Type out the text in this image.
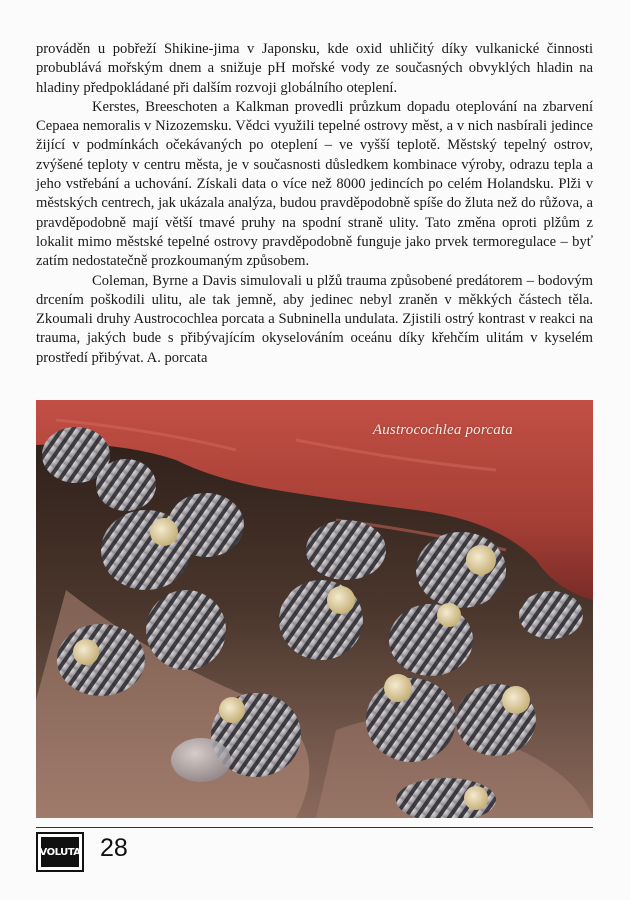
prováděn u pobřeží Shikine-jima v Japonsku, kde oxid uhličitý díky vulkanické činnosti probublává mořským dnem a snižuje pH mořské vody ze současných obvyklých hladin na hladiny předpokládané při dalším rozvoji globálního oteplení.

Kerstes, Breeschoten a Kalkman provedli průzkum dopadu oteplování na zbarvení Cepaea nemoralis v Nizozemsku. Vědci využili tepelné ostrovy měst, a v nich nasbírali jedince žijící v podmínkách očekávaných po oteplení – ve vyšší teplotě. Městský tepelný ostrov, zvýšené teploty v centru města, je v současnosti důsledkem kombinace výroby, odrazu tepla a jeho vstřebání a uchování. Získali data o více než 8000 jedincích po celém Holandsku. Plži v městských centrech, jak ukázala analýza, budou pravděpodobně spíše do žluta než do růžova, a pravděpodobně mají větší tmavé pruhy na spodní straně ulity. Tato změna oproti plžům z lokalit mimo městské tepelné ostrovy pravděpodobně funguje jako prvek termoregulace – byť zatím nedostatečně prozkoumaným způsobem.

Coleman, Byrne a Davis simulovali u plžů trauma způsobené predátorem – bodovým drcením poškodili ulitu, ale tak jemně, aby jedinec nebyl zraněn v měkkých částech těla. Zkoumali druhy Austrocochlea porcata a Subninella undulata. Zjistili ostrý kontrast v reakci na trauma, jakých bude s přibývajícím okyselováním oceánu díky křehčím ulitám v kyselém prostředí přibývat. A. porcata

Austrocochlea porcata
VOLUTA 28
